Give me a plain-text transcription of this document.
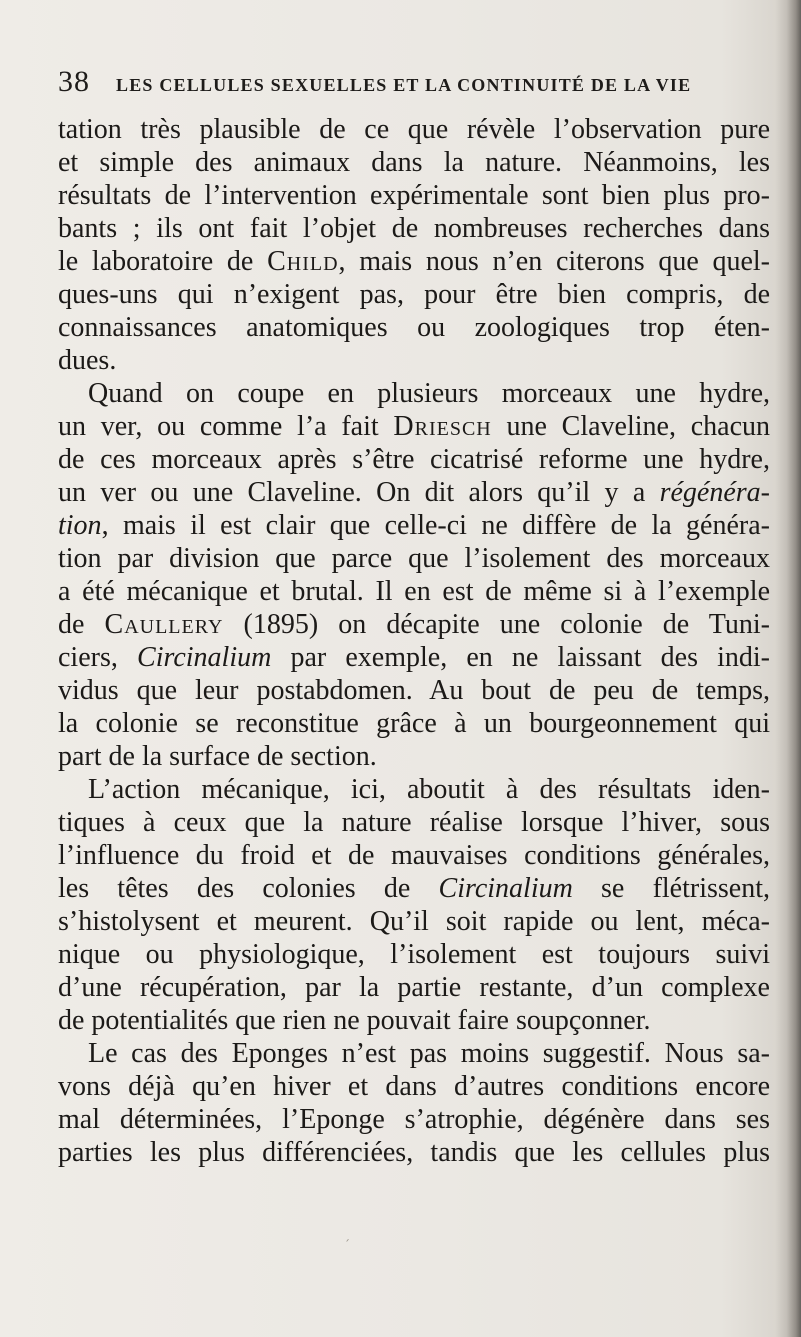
38 LES CELLULES SEXUELLES ET LA CONTINUITÉ DE LA VIE
tation très plausible de ce que révèle l’observation pure
et simple des animaux dans la nature. Néanmoins, les
résultats de l’intervention expérimentale sont bien plus pro-
bants ; ils ont fait l’objet de nombreuses recherches dans
le laboratoire de Child, mais nous n’en citerons que quel-
ques-uns qui n’exigent pas, pour être bien compris, de
connaissances anatomiques ou zoologiques trop éten-
dues.
Quand on coupe en plusieurs morceaux une hydre,
un ver, ou comme l’a fait Driesch une Claveline, chacun
de ces morceaux après s’être cicatrisé reforme une hydre,
un ver ou une Claveline. On dit alors qu’il y a régénéra-
tion, mais il est clair que celle-ci ne diffère de la généra-
tion par division que parce que l’isolement des morceaux
a été mécanique et brutal. Il en est de même si à l’exemple
de Caullery (1895) on décapite une colonie de Tuni-
ciers, Circinalium par exemple, en ne laissant des indi-
vidus que leur postabdomen. Au bout de peu de temps,
la colonie se reconstitue grâce à un bourgeonnement qui
part de la surface de section.
L’action mécanique, ici, aboutit à des résultats iden-
tiques à ceux que la nature réalise lorsque l’hiver, sous
l’influence du froid et de mauvaises conditions générales,
les têtes des colonies de Circinalium se flétrissent,
s’histolysent et meurent. Qu’il soit rapide ou lent, méca-
nique ou physiologique, l’isolement est toujours suivi
d’une récupération, par la partie restante, d’un complexe
de potentialités que rien ne pouvait faire soupçonner.
Le cas des Eponges n’est pas moins suggestif. Nous sa-
vons déjà qu’en hiver et dans d’autres conditions encore
mal déterminées, l’Eponge s’atrophie, dégénère dans ses
parties les plus différenciées, tandis que les cellules plus
ˊ
